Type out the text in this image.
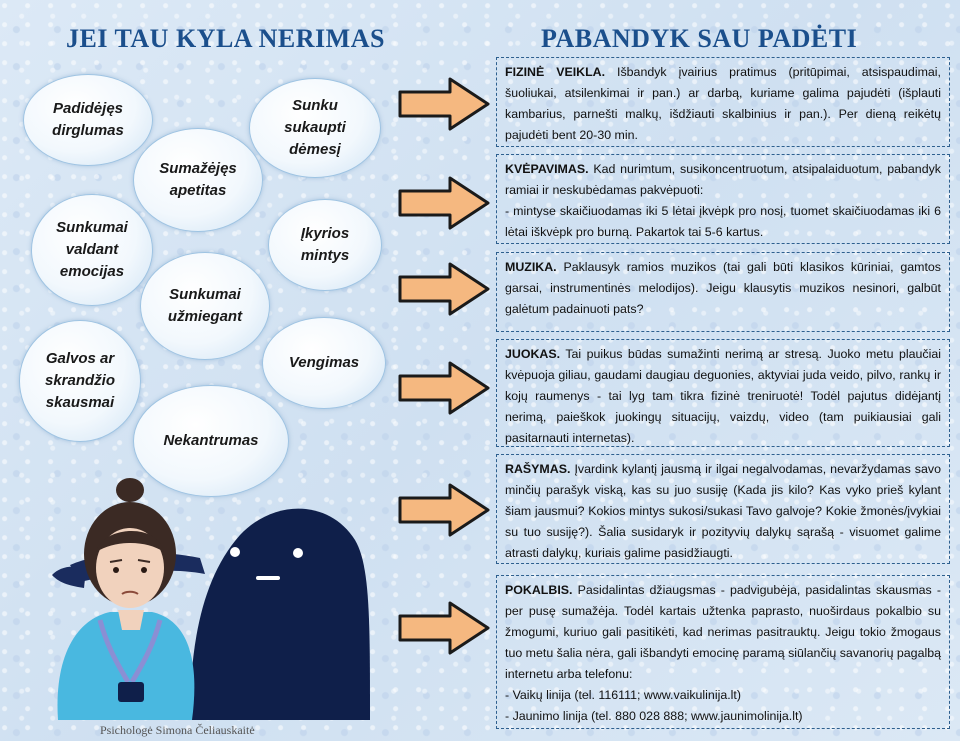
JEI TAU KYLA NERIMAS	PABANDYK SAU PADĖTI
Padidėjęs
dirglumas
Sunku
sukaupti
dėmesį
Sumažėjęs
apetitas
Sunkumai
valdant
emocijas
Įkyrios
mintys
Sunkumai
užmiegant
Galvos ar
skrandžio
skausmai
Vengimas
Nekantrumas
Psichologė Simona Čeliauskaitė

FIZINĖ VEIKLA. Išbandyk įvairius pratimus (pritūpimai, atsispaudimai, šuoliukai, atsilenkimai ir pan.) ar darbą, kuriame galima pajudėti (išplauti kambarius, parnešti malkų, išdžiauti skalbinius ir pan.). Per dieną reikėtų pajudėti bent 20-30 min.

KVĖPAVIMAS. Kad nurimtum, susikoncentruotum, atsipalaiduotum, pabandyk ramiai ir neskubėdamas pakvėpuoti:

- mintyse skaičiuodamas iki 5 lėtai įkvėpk pro nosį, tuomet skaičiuodamas iki 6 lėtai iškvėpk pro burną. Pakartok tai 5-6 kartus.

MUZIKA. Paklausyk ramios muzikos (tai gali būti klasikos kūriniai, gamtos garsai, instrumentinės melodijos). Jeigu klausytis muzikos nesinori, galbūt galėtum padainuoti pats?

JUOKAS. Tai puikus būdas sumažinti nerimą ar stresą. Juoko metu plaučiai kvėpuoja giliau, gaudami daugiau deguonies, aktyviai juda veido, pilvo, rankų ir kojų raumenys - tai lyg tam tikra fizinė treniruotė! Todėl pajutus didėjantį nerimą, paieškok juokingų situacijų, vaizdų, video (tam puikiausiai gali pasitarnauti internetas).

RAŠYMAS. Įvardink kylantį jausmą ir ilgai negalvodamas, nevaržydamas savo minčių parašyk viską, kas su juo susiję (Kada jis kilo? Kas vyko prieš kylant šiam jausmui? Kokios mintys sukosi/sukasi Tavo galvoje? Kokie žmonės/įvykiai su tuo susiję?). Šalia susidaryk ir pozityvių dalykų sąrašą - visuomet galime atrasti dalykų, kuriais galime pasidžiaugti.

POKALBIS. Pasidalintas džiaugsmas - padvigubėja, pasidalintas skausmas - per pusę sumažėja. Todėl kartais užtenka paprasto, nuoširdaus pokalbio su žmogumi, kuriuo gali pasitikėti, kad nerimas pasitrauktų. Jeigu tokio žmogaus tuo metu šalia nėra, gali išbandyti emocinę paramą siūlančių savanorių pagalbą internetu arba telefonu:

- Vaikų linija (tel. 116111; www.vaikulinija.lt)

- Jaunimo linija (tel. 880 028 888; www.jaunimolinija.lt)
